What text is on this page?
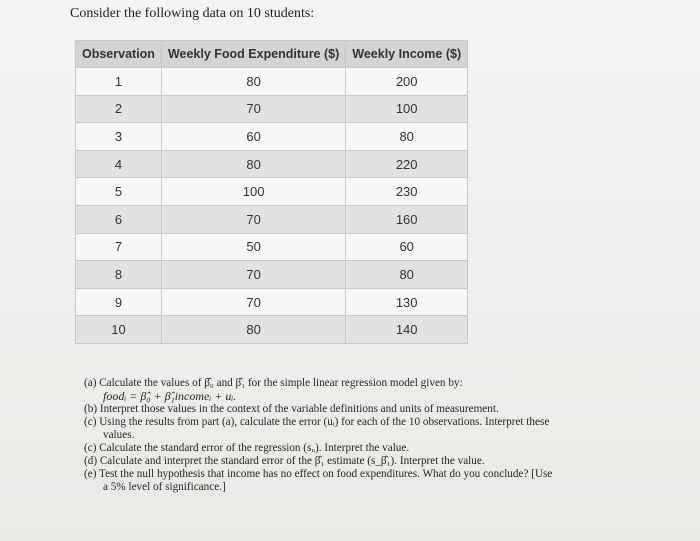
Consider the following data on 10 students:
Observation	Weekly Food Expenditure ($)	Weekly Income ($)
1	80	200
2	70	100
3	60	80
4	80	220
5	100	230
6	70	160
7	50	60
8	70	80
9	70	130
10	80	140

(a) Calculate the values of β̂₀ and β̂₁ for the simple linear regression model given by:

foodᵢ = β̂₀ + β̂₁incomeᵢ + uᵢ.

(b) Interpret those values in the context of the variable definitions and units of measurement.

(c) Using the results from part (a), calculate the error (uᵢ) for each of the 10 observations. Interpret these
values.

(c) Calculate the standard error of the regression (sᵤ). Interpret the value.

(d) Calculate and interpret the standard error of the β̂₁ estimate (s_β̂₁). Interpret the value.

(e) Test the null hypothesis that income has no effect on food expenditures. What do you conclude? [Use
a 5% level of significance.]
